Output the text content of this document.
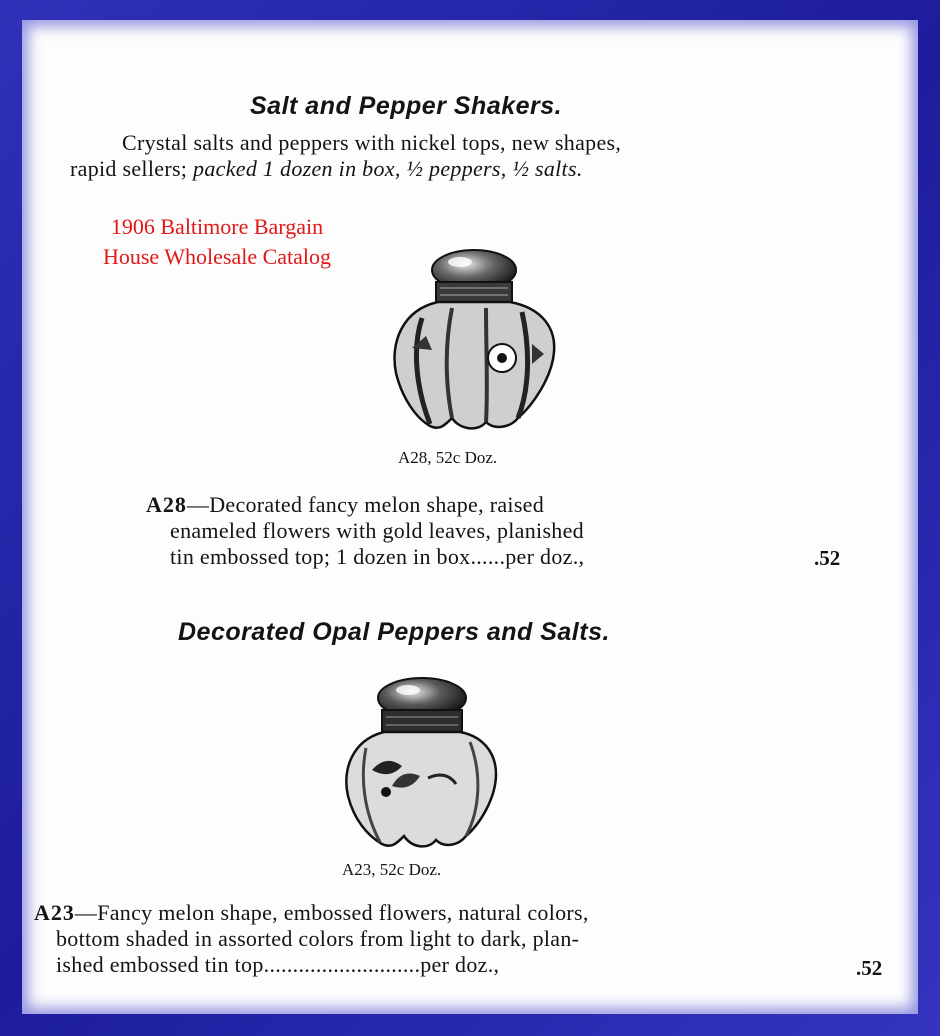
Salt and Pepper Shakers.
Crystal salts and peppers with nickel tops, new shapes,
rapid sellers; packed 1 dozen in box, ½ peppers, ½ salts.
1906 Baltimore Bargain
House Wholesale Catalog
A28, 52c Doz.
A28—Decorated fancy melon shape, raised
enameled flowers with gold leaves, planished
tin embossed top; 1 dozen in box......per doz.,	.52
Decorated Opal Peppers and Salts.
A23, 52c Doz.
A23—Fancy melon shape, embossed flowers, natural colors,
bottom shaded in assorted colors from light to dark, plan-
ished embossed tin top...........................per doz.,	.52
